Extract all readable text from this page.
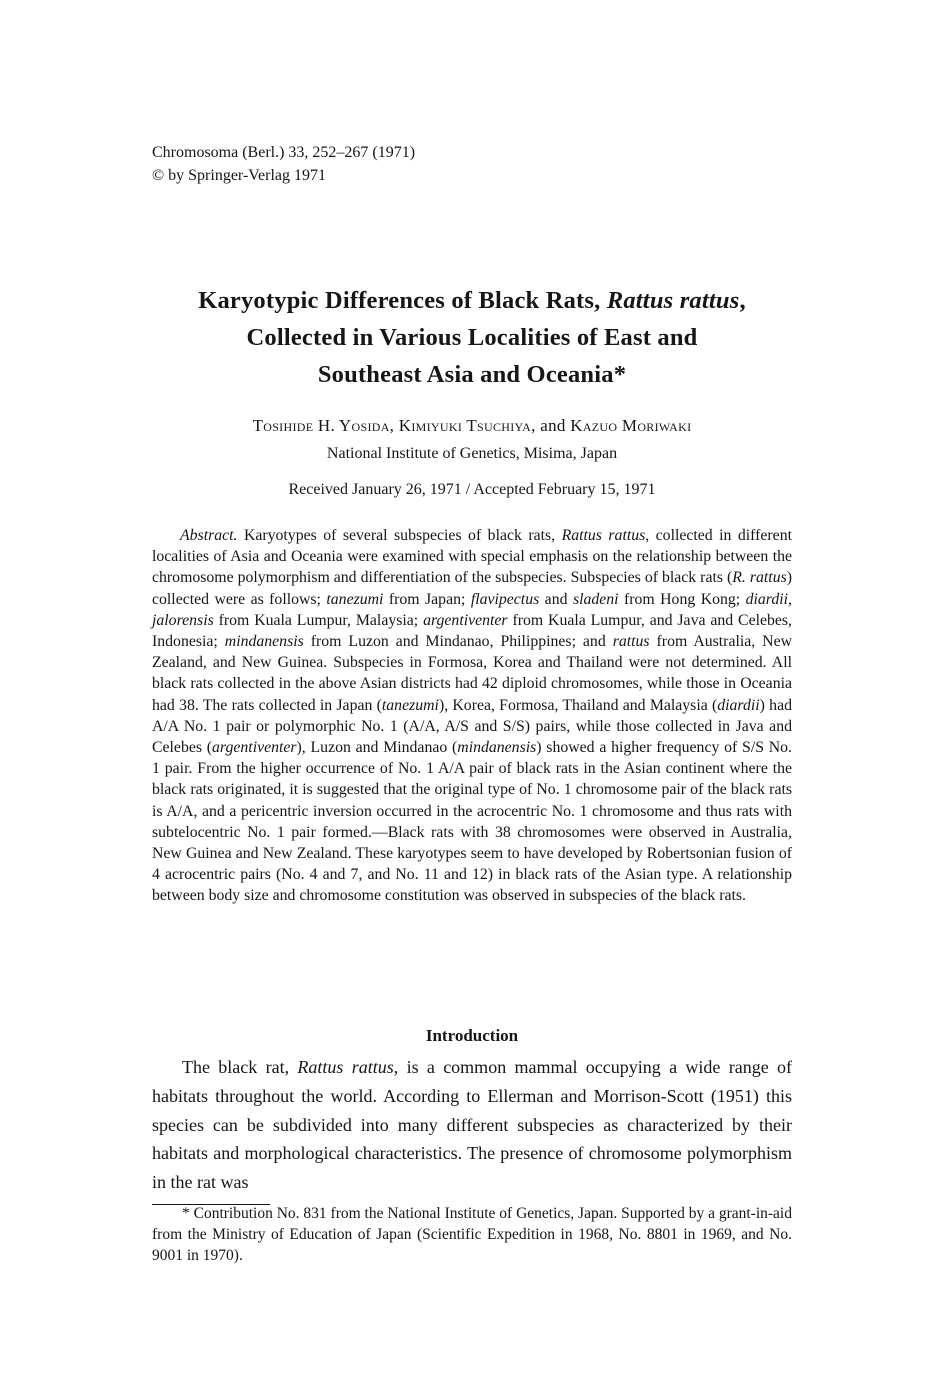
Chromosoma (Berl.) 33, 252–267 (1971)
© by Springer-Verlag 1971
Karyotypic Differences of Black Rats, Rattus rattus,
Collected in Various Localities of East and
Southeast Asia and Oceania*
Tosihide H. Yosida, Kimiyuki Tsuchiya, and Kazuo Moriwaki
National Institute of Genetics, Misima, Japan
Received January 26, 1971 / Accepted February 15, 1971

Abstract. Karyotypes of several subspecies of black rats, Rattus rattus, collected in different localities of Asia and Oceania were examined with special emphasis on the relationship between the chromosome polymorphism and differentiation of the subspecies. Subspecies of black rats (R. rattus) collected were as follows; tanezumi from Japan; flavipectus and sladeni from Hong Kong; diardii, jalorensis from Kuala Lumpur, Malaysia; argentiventer from Kuala Lumpur, and Java and Celebes, Indonesia; mindanensis from Luzon and Mindanao, Philippines; and rattus from Australia, New Zealand, and New Guinea. Subspecies in Formosa, Korea and Thailand were not determined. All black rats collected in the above Asian districts had 42 diploid chromosomes, while those in Oceania had 38. The rats collected in Japan (tanezumi), Korea, Formosa, Thailand and Malaysia (diardii) had A/A No. 1 pair or polymorphic No. 1 (A/A, A/S and S/S) pairs, while those collected in Java and Celebes (argentiventer), Luzon and Mindanao (mindanensis) showed a higher frequency of S/S No. 1 pair. From the higher occurrence of No. 1 A/A pair of black rats in the Asian continent where the black rats originated, it is suggested that the original type of No. 1 chromosome pair of the black rats is A/A, and a pericentric inversion occurred in the acrocentric No. 1 chromosome and thus rats with subtelocentric No. 1 pair formed.—Black rats with 38 chromosomes were observed in Australia, New Guinea and New Zealand. These karyotypes seem to have developed by Robertsonian fusion of 4 acrocentric pairs (No. 4 and 7, and No. 11 and 12) in black rats of the Asian type. A relationship between body size and chromosome constitution was observed in subspecies of the black rats.

Introduction

The black rat, Rattus rattus, is a common mammal occupying a wide range of habitats throughout the world. According to Ellerman and Morrison-Scott (1951) this species can be subdivided into many different subspecies as characterized by their habitats and morphological characteristics. The presence of chromosome polymorphism in the rat was

* Contribution No. 831 from the National Institute of Genetics, Japan. Supported by a grant-in-aid from the Ministry of Education of Japan (Scientific Expedition in 1968, No. 8801 in 1969, and No. 9001 in 1970).
